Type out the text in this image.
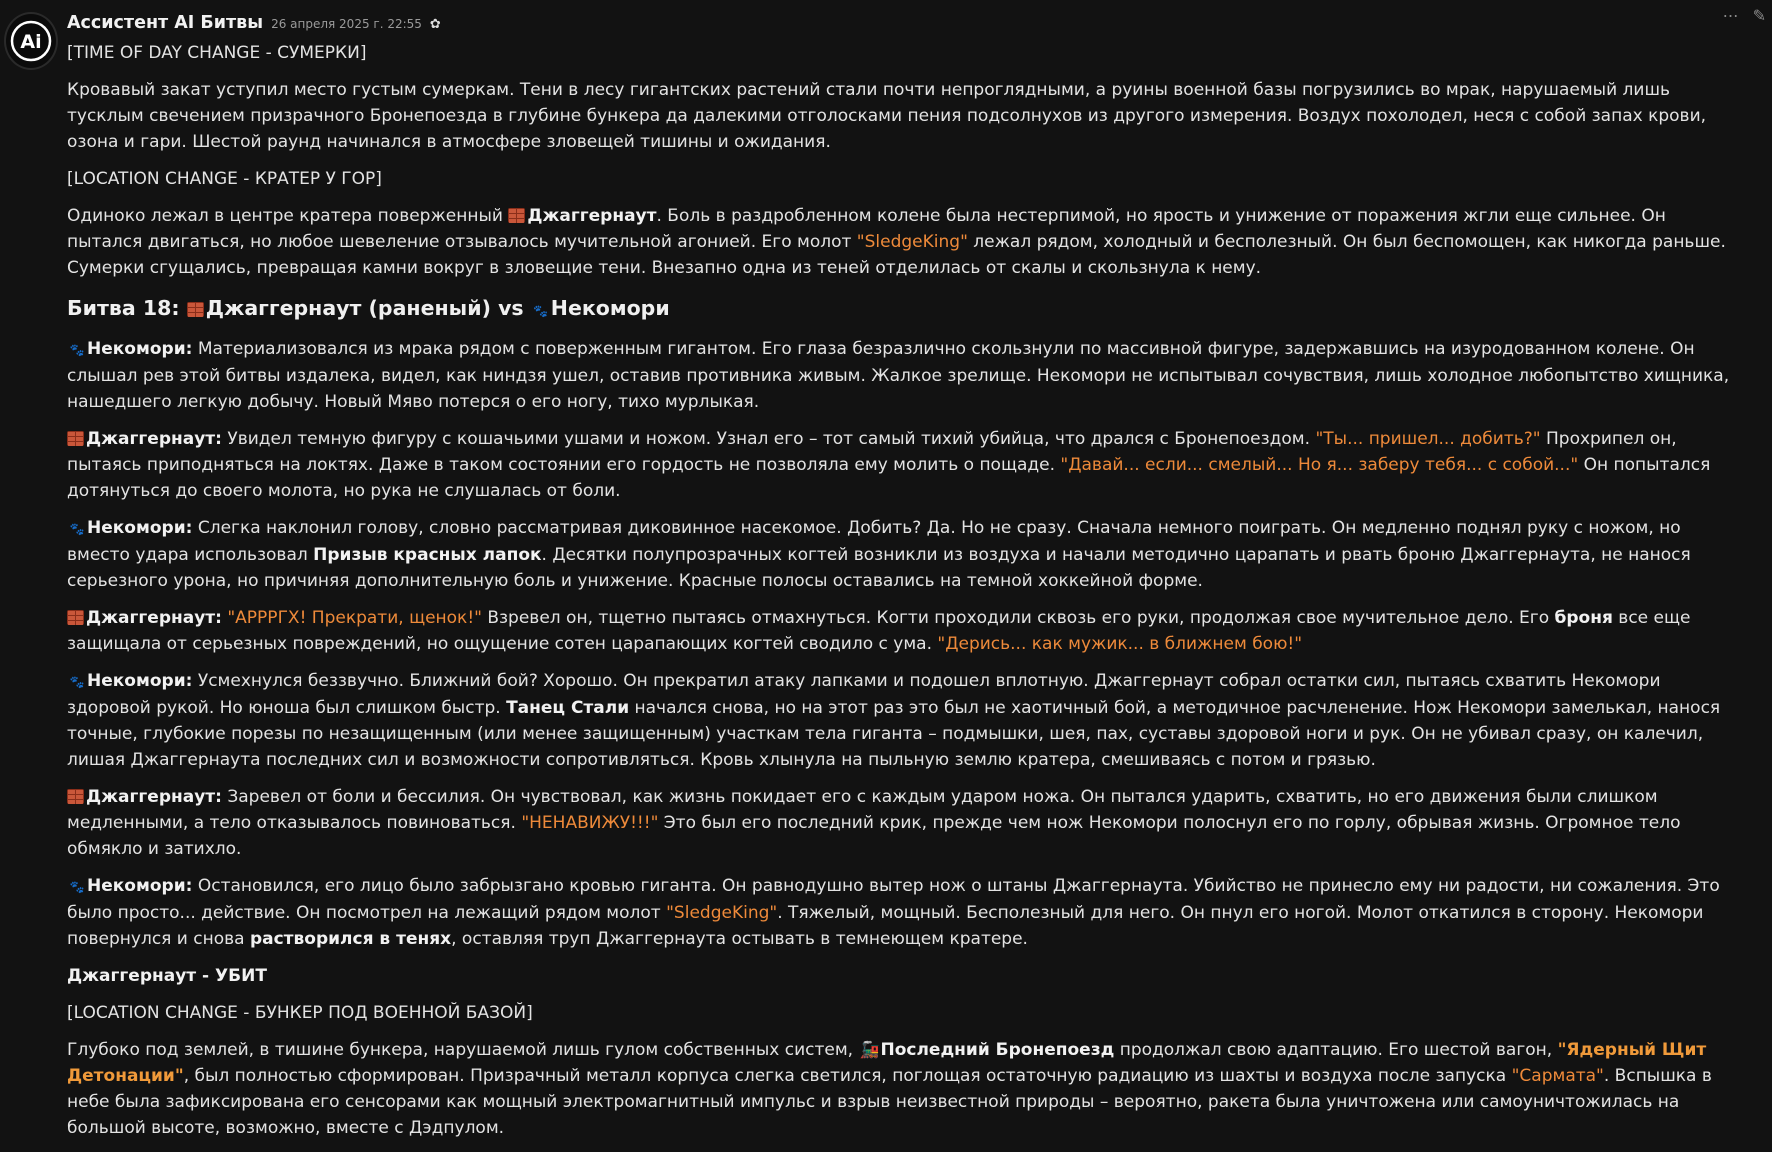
Ai
⋯ ✎
Ассистент AI Битвы 26 апреля 2025 г. 22:55 ✿

[TIME OF DAY CHANGE - СУМЕРКИ]

Кровавый закат уступил место густым сумеркам. Тени в лесу гигантских растений стали почти непроглядными, а руины военной базы погрузились во мрак, нарушаемый лишь тусклым свечением призрачного Бронепоезда в глубине бункера да далекими отголосками пения подсолнухов из другого измерения. Воздух похолодел, неся с собой запах крови, озона и гари. Шестой раунд начинался в атмосфере зловещей тишины и ожидания.

[LOCATION CHANGE - КРАТЕР У ГОР]

Одиноко лежал в центре кратера поверженный Джаггернаут. Боль в раздробленном колене была нестерпимой, но ярость и унижение от поражения жгли еще сильнее. Он пытался двигаться, но любое шевеление отзывалось мучительной агонией. Его молот "SledgeKing" лежал рядом, холодный и бесполезный. Он был беспомощен, как никогда раньше. Сумерки сгущались, превращая камни вокруг в зловещие тени. Внезапно одна из теней отделилась от скалы и скользнула к нему.

Битва 18: Джаггернаут (раненый) vs 🐾 Некомори

🐾 Некомори: Материализовался из мрака рядом с поверженным гигантом. Его глаза безразлично скользнули по массивной фигуре, задержавшись на изуродованном колене. Он слышал рев этой битвы издалека, видел, как ниндзя ушел, оставив противника живым. Жалкое зрелище. Некомори не испытывал сочувствия, лишь холодное любопытство хищника, нашедшего легкую добычу. Новый Мяво потерся о его ногу, тихо мурлыкая.

Джаггернаут: Увидел темную фигуру с кошачьими ушами и ножом. Узнал его – тот самый тихий убийца, что дрался с Бронепоездом. "Ты... пришел... добить?" Прохрипел он, пытаясь приподняться на локтях. Даже в таком состоянии его гордость не позволяла ему молить о пощаде. "Давай... если... смелый... Но я... заберу тебя... с собой..." Он попытался дотянуться до своего молота, но рука не слушалась от боли.

🐾 Некомори: Слегка наклонил голову, словно рассматривая диковинное насекомое. Добить? Да. Но не сразу. Сначала немного поиграть. Он медленно поднял руку с ножом, но вместо удара использовал Призыв красных лапок. Десятки полупрозрачных когтей возникли из воздуха и начали методично царапать и рвать броню Джаггернаута, не нанося серьезного урона, но причиняя дополнительную боль и унижение. Красные полосы оставались на темной хоккейной форме.

Джаггернаут: "АРРРГХ! Прекрати, щенок!" Взревел он, тщетно пытаясь отмахнуться. Когти проходили сквозь его руки, продолжая свое мучительное дело. Его броня все еще защищала от серьезных повреждений, но ощущение сотен царапающих когтей сводило с ума. "Дерись... как мужик... в ближнем бою!"

🐾 Некомори: Усмехнулся беззвучно. Ближний бой? Хорошо. Он прекратил атаку лапками и подошел вплотную. Джаггернаут собрал остатки сил, пытаясь схватить Некомори здоровой рукой. Но юноша был слишком быстр. Танец Стали начался снова, но на этот раз это был не хаотичный бой, а методичное расчленение. Нож Некомори замелькал, нанося точные, глубокие порезы по незащищенным (или менее защищенным) участкам тела гиганта – подмышки, шея, пах, суставы здоровой ноги и рук. Он не убивал сразу, он калечил, лишая Джаггернаута последних сил и возможности сопротивляться. Кровь хлынула на пыльную землю кратера, смешиваясь с потом и грязью.

Джаггернаут: Заревел от боли и бессилия. Он чувствовал, как жизнь покидает его с каждым ударом ножа. Он пытался ударить, схватить, но его движения были слишком медленными, а тело отказывалось повиноваться. "НЕНАВИЖУ!!!" Это был его последний крик, прежде чем нож Некомори полоснул его по горлу, обрывая жизнь. Огромное тело обмякло и затихло.

🐾 Некомори: Остановился, его лицо было забрызгано кровью гиганта. Он равнодушно вытер нож о штаны Джаггернаута. Убийство не принесло ему ни радости, ни сожаления. Это было просто... действие. Он посмотрел на лежащий рядом молот "SledgeKing". Тяжелый, мощный. Бесполезный для него. Он пнул его ногой. Молот откатился в сторону. Некомори повернулся и снова растворился в тенях, оставляя труп Джаггернаута остывать в темнеющем кратере.

Джаггернаут - УБИТ

[LOCATION CHANGE - БУНКЕР ПОД ВОЕННОЙ БАЗОЙ]

Глубоко под землей, в тишине бункера, нарушаемой лишь гулом собственных систем, 🚂Последний Бронепоезд продолжал свою адаптацию. Его шестой вагон, "Ядерный Щит Детонации", был полностью сформирован. Призрачный металл корпуса слегка светился, поглощая остаточную радиацию из шахты и воздуха после запуска "Сармата". Вспышка в небе была зафиксирована его сенсорами как мощный электромагнитный импульс и взрыв неизвестной природы – вероятно, ракета была уничтожена или самоуничтожилась на большой высоте, возможно, вместе с Дэдпулом.
